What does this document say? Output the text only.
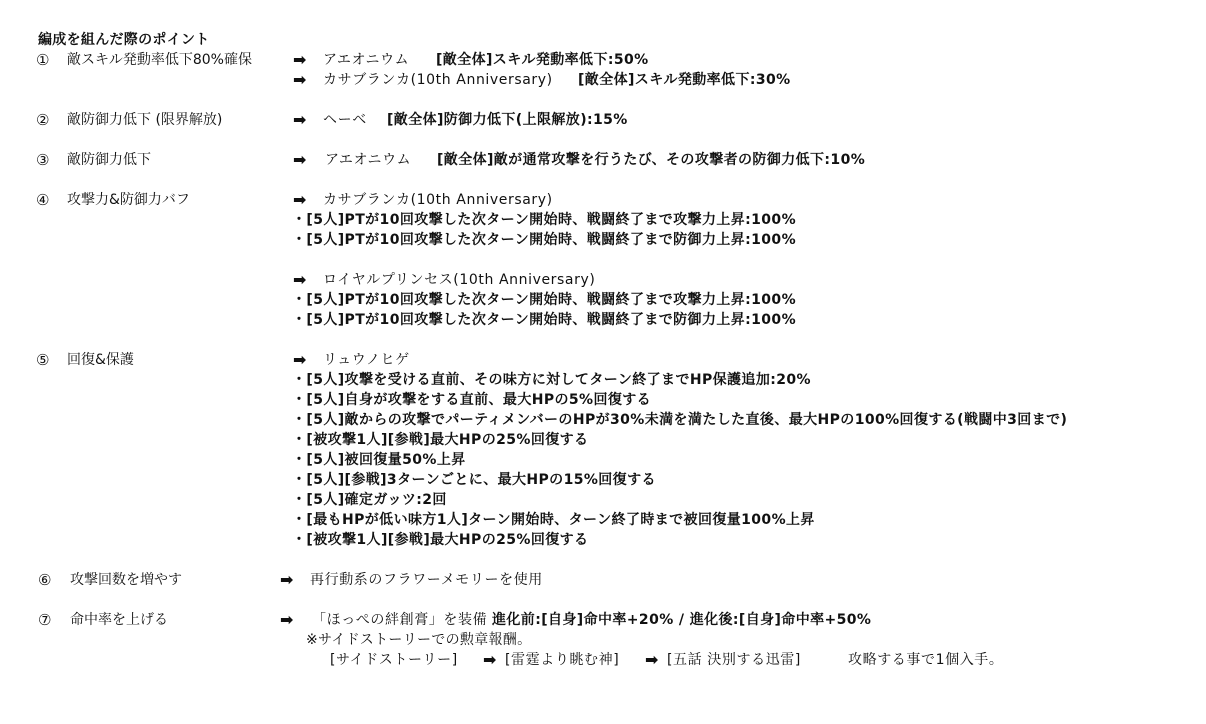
編成を組んだ際のポイント
① 敵スキル発動率低下80%確保	➡ アエオニウム [敵全体]スキル発動率低下:50%
➡ カサブランカ(10th Anniversary) [敵全体]スキル発動率低下:30%
② 敵防御力低下 (限界解放)	➡ ヘーベ [敵全体]防御力低下(上限解放):15%
③ 敵防御力低下	➡ アエオニウム [敵全体]敵が通常攻撃を行うたび、その攻撃者の防御力低下:10%
④ 攻撃力&防御力バフ	➡ カサブランカ(10th Anniversary)
・[5人]PTが10回攻撃した次ターン開始時、戦闘終了まで攻撃力上昇:100%
・[5人]PTが10回攻撃した次ターン開始時、戦闘終了まで防御力上昇:100%
➡ ロイヤルプリンセス(10th Anniversary)
・[5人]PTが10回攻撃した次ターン開始時、戦闘終了まで攻撃力上昇:100%
・[5人]PTが10回攻撃した次ターン開始時、戦闘終了まで防御力上昇:100%
⑤ 回復&保護	➡ リュウノヒゲ
・[5人]攻撃を受ける直前、その味方に対してターン終了までHP保護追加:20%
・[5人]自身が攻撃をする直前、最大HPの5%回復する
・[5人]敵からの攻撃でパーティメンバーのHPが30%未満を満たした直後、最大HPの100%回復する(戦闘中3回まで)
・[被攻撃1人][参戦]最大HPの25%回復する
・[5人]被回復量50%上昇
・[5人][参戦]3ターンごとに、最大HPの15%回復する
・[5人]確定ガッツ:2回
・[最もHPが低い味方1人]ターン開始時、ターン終了時まで被回復量100%上昇
・[被攻撃1人][参戦]最大HPの25%回復する
⑥ 攻撃回数を増やす	➡ 再行動系のフラワーメモリーを使用
⑦ 命中率を上げる	➡ 「ほっぺの絆創膏」を装備 進化前:[自身]命中率+20% / 進化後:[自身]命中率+50%
※サイドストーリーでの勲章報酬。
[サイドストーリー] ➡ [雷霆より眺む神] ➡ [五話 決別する迅雷]	攻略する事で1個入手。
